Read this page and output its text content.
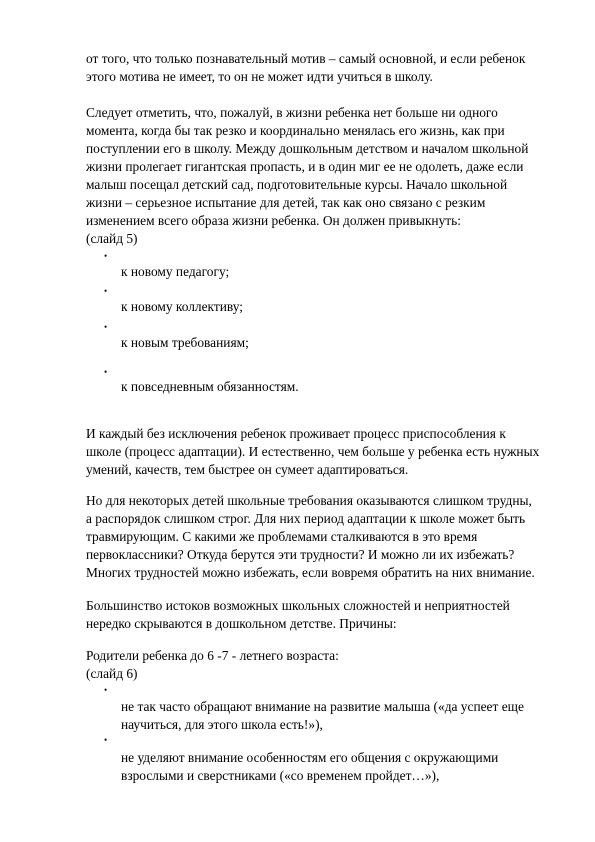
от того, что только познавательный мотив – самый основной, и если ребенок
этого мотива не имеет, то он не может идти учиться в школу.
Следует отметить, что, пожалуй, в жизни ребенка нет больше ни одного
момента, когда бы так резко и координально менялась его жизнь, как при
поступлении его в школу. Между дошкольным детством и началом школьной
жизни пролегает гигантская пропасть, и в один миг ее не одолеть, даже если
малыш посещал детский сад, подготовительные курсы. Начало школьной
жизни – серьезное испытание для детей, так как оно связано с резким
изменением всего образа жизни ребенка. Он должен привыкнуть:
(слайд 5)
•
к новому педагогу;
•
к новому коллективу;
•
к новым требованиям;
•
к повседневным обязанностям.
И каждый без исключения ребенок проживает процесс приспособления к
школе (процесс адаптации). И естественно, чем больше у ребенка есть нужных
умений, качеств, тем быстрее он сумеет адаптироваться.
Но для некоторых детей школьные требования оказываются слишком трудны,
а распорядок слишком строг. Для них период адаптации к школе может быть
травмирующим. С какими же проблемами сталкиваются в это время
первоклассники? Откуда берутся эти трудности? И можно ли их избежать?
Многих трудностей можно избежать, если вовремя обратить на них внимание.
Большинство истоков возможных школьных сложностей и неприятностей
нередко скрываются в дошкольном детстве. Причины:
Родители ребенка до 6 -7 - летнего возраста:
(слайд 6)
•
не так часто обращают внимание на развитие малыша («да успеет еще
научиться, для этого школа есть!»),
•
не уделяют внимание особенностям его общения с окружающими
взрослыми и сверстниками («со временем пройдет…»),
